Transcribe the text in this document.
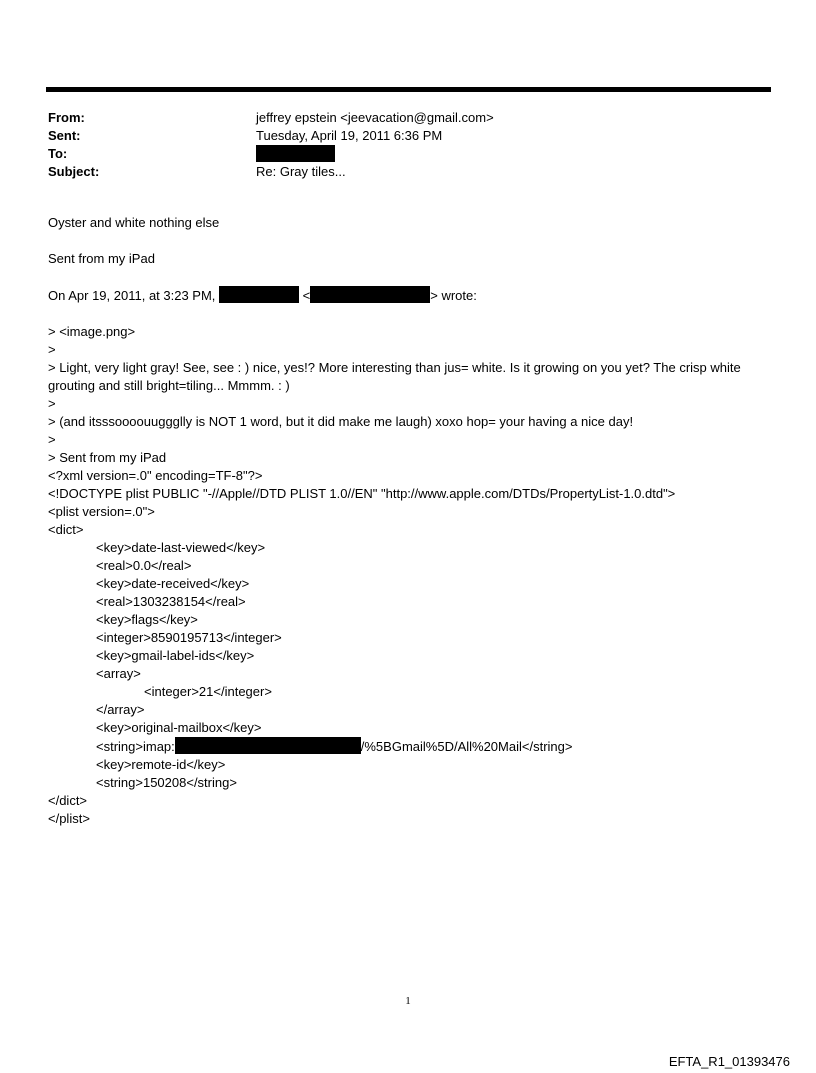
From:	jeffrey epstein <jeevacation@gmail.com>
Sent:	Tuesday, April 19, 2011 6:36 PM
To:
Subject:	Re: Gray tiles...
Oyster and white nothing else
Sent from my iPad
On Apr 19, 2011, at 3:23 PM,	<	> wrote:
> <image.png>
>
> Light, very light gray! See, see : ) nice, yes!? More interesting than jus= white. Is it growing on you yet? The crisp white grouting and still bright=tiling... Mmmm. : )
>
> (and itsssoooouuggglly is NOT 1 word, but it did make me laugh) xoxo hop= your having a nice day!
>
> Sent from my iPad
<?xml version=.0" encoding=TF-8"?>
<!DOCTYPE plist PUBLIC "-//Apple//DTD PLIST 1.0//EN" "http://www.apple.com/DTDs/PropertyList-1.0.dtd">
<plist version=.0">
<dict>
<key>date-last-viewed</key>
<real>0.0</real>
<key>date-received</key>
<real>1303238154</real>
<key>flags</key>
<integer>8590195713</integer>
<key>gmail-label-ids</key>
<array>
<integer>21</integer>
</array>
<key>original-mailbox</key>
<string>imap:	/%5BGmail%5D/All%20Mail</string>
<key>remote-id</key>
<string>150208</string>
</dict>
</plist>
1
EFTA_R1_01393476
